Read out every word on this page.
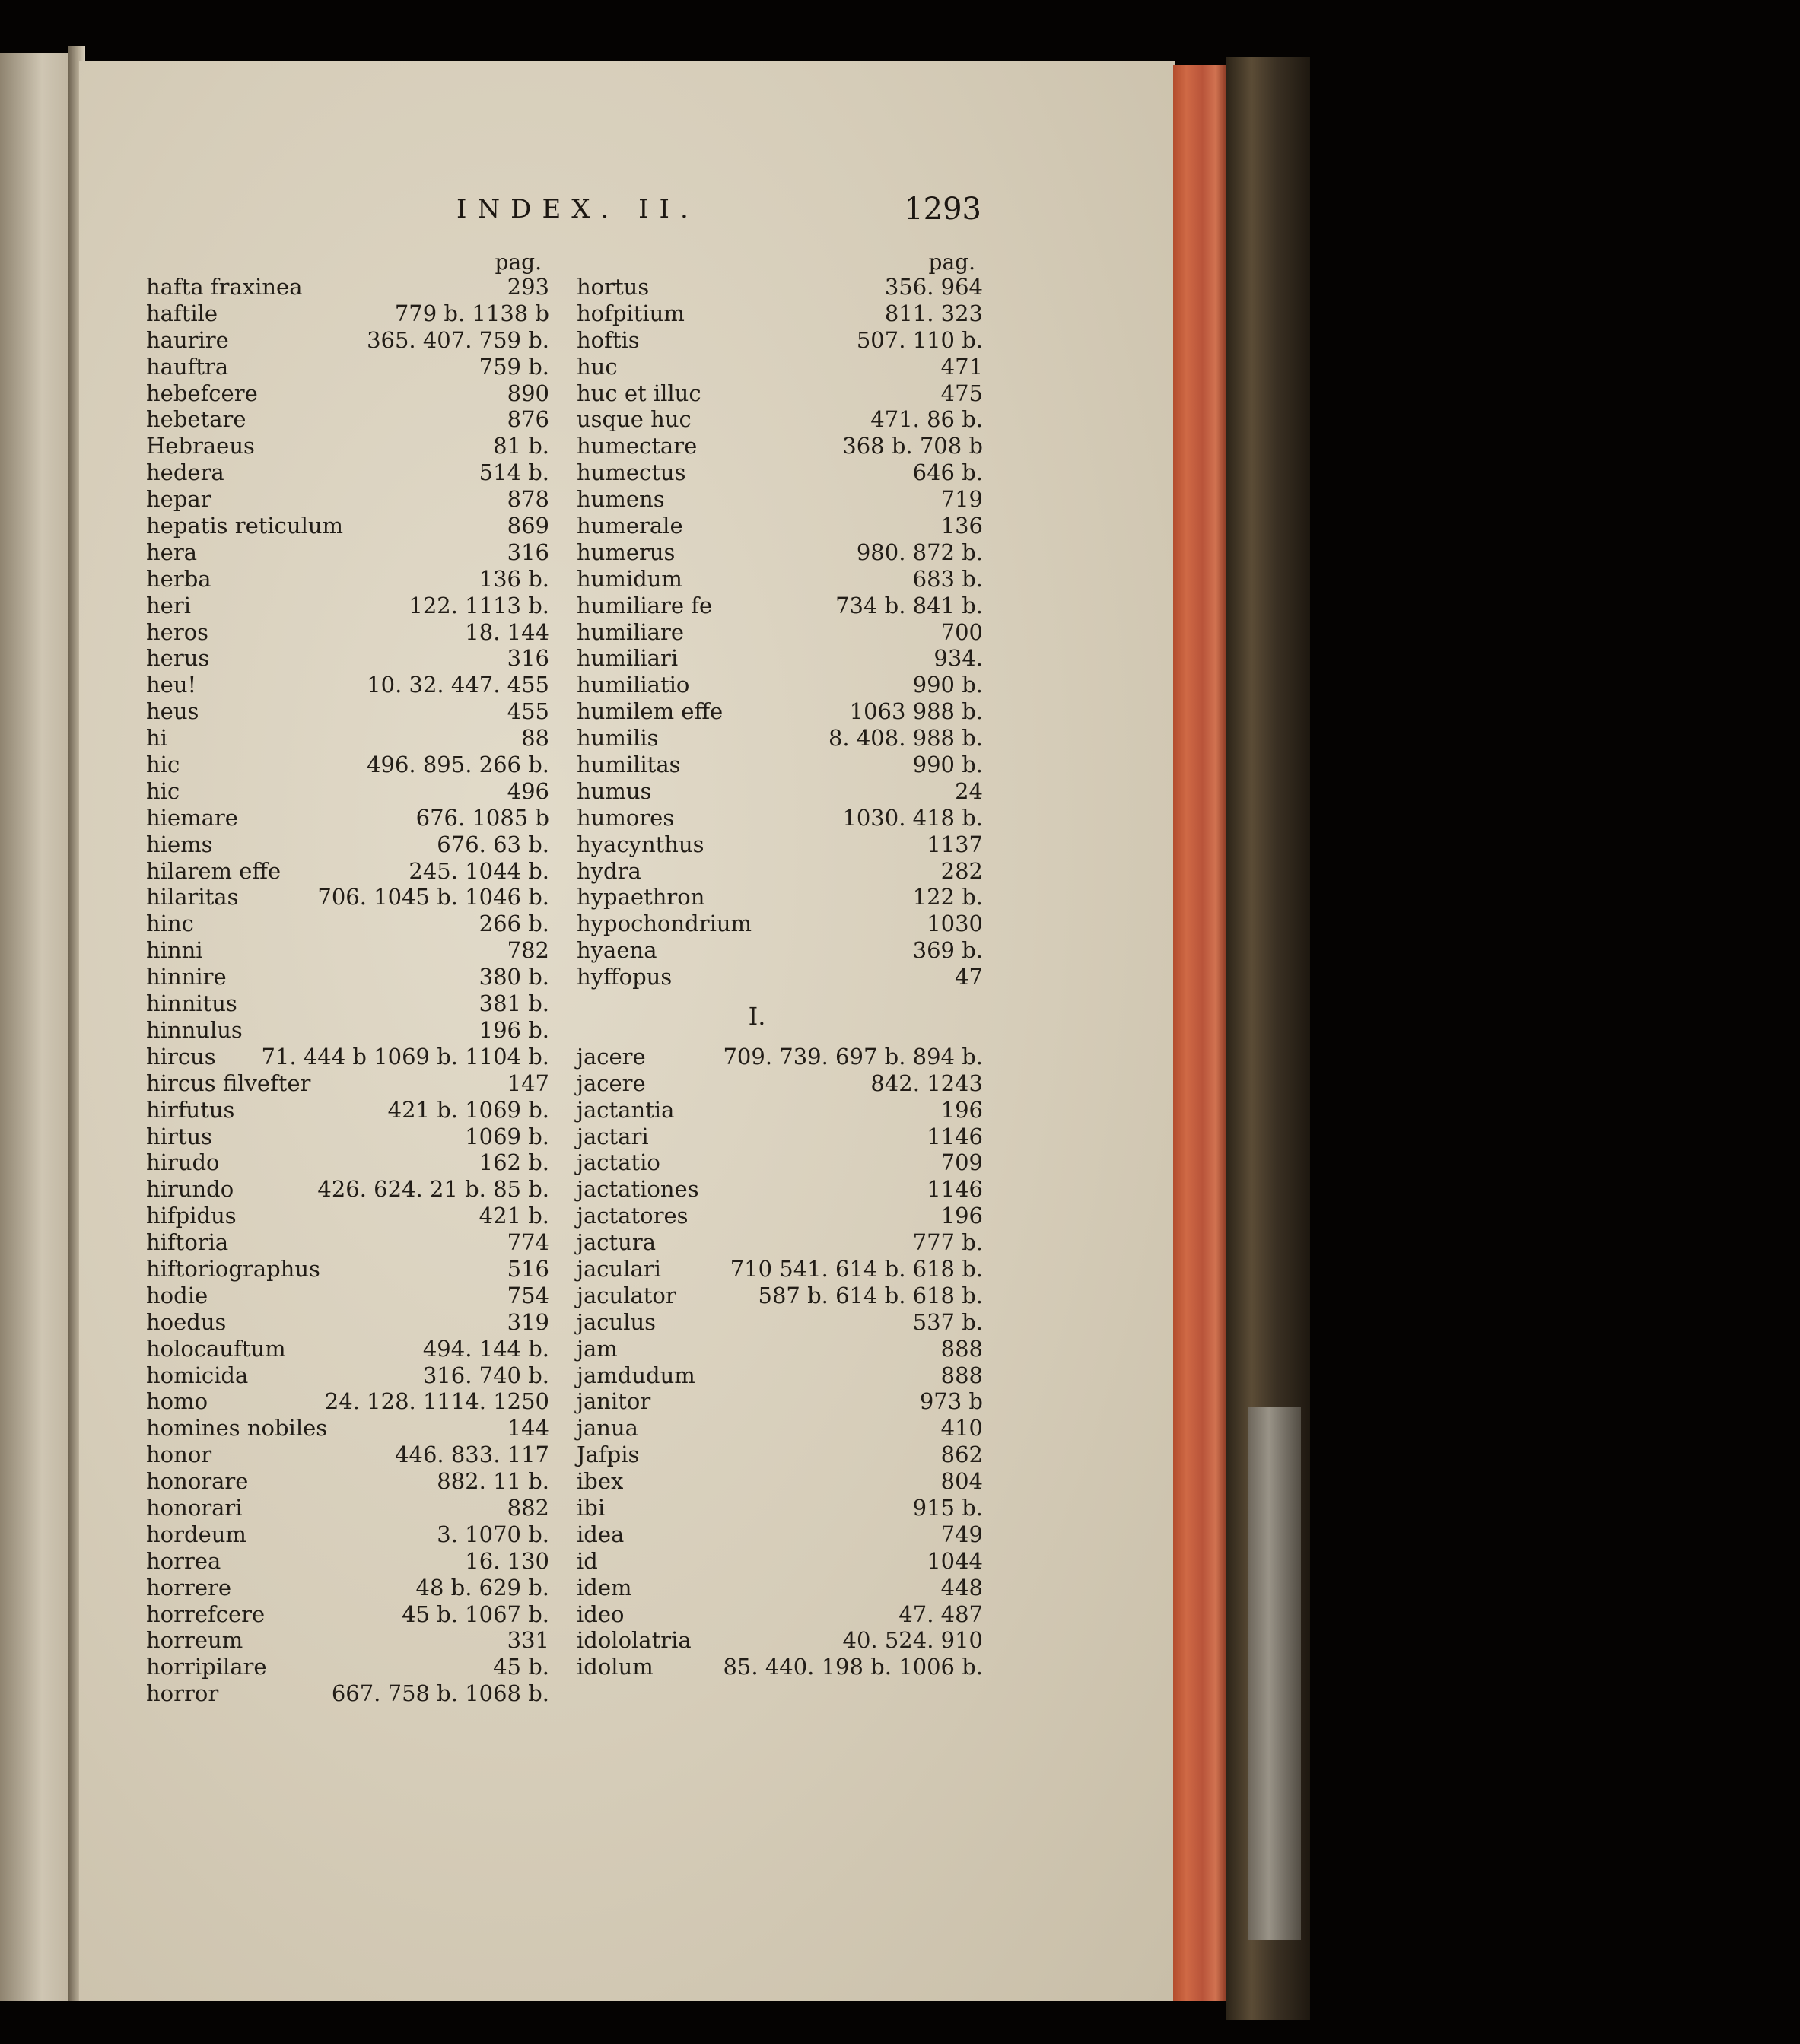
INDEX. II.	1293
pag.
hafta fraxinea	293
haftile	779 b. 1138 b
haurire	365. 407. 759 b.
hauftra	759 b.
hebefcere	890
hebetare	876
Hebraeus	81 b.
hedera	514 b.
hepar	878
hepatis reticulum	869
hera	316
herba	136 b.
heri	122. 1113 b.
heros	18. 144
herus	316
heu!	10. 32. 447. 455
heus	455
hi	88
hic	496. 895. 266 b.
hic	496
hiemare	676. 1085 b
hiems	676. 63 b.
hilarem effe	245. 1044 b.
hilaritas	706. 1045 b. 1046 b.
hinc	266 b.
hinni	782
hinnire	380 b.
hinnitus	381 b.
hinnulus	196 b.
hircus 71. 444 b 1069 b. 1104 b.
hircus filvefter	147
hirfutus	421 b. 1069 b.
hirtus	1069 b.
hirudo	162 b.
hirundo	426. 624. 21 b. 85 b.
hifpidus	421 b.
hiftoria	774
hiftoriographus	516
hodie	754
hoedus	319
holocauftum	494. 144 b.
homicida	316. 740 b.
homo	24. 128. 1114. 1250
homines nobiles	144
honor	446. 833. 117
honorare	882. 11 b.
honorari	882
hordeum	3. 1070 b.
horrea	16. 130
horrere	48 b. 629 b.
horrefcere	45 b. 1067 b.
horreum	331
horripilare	45 b.
horror	667. 758 b. 1068 b.
pag.
hortus	356. 964
hofpitium	811. 323
hoftis	507. 110 b.
huc	471
huc et illuc	475
usque huc	471. 86 b.
humectare	368 b. 708 b
humectus	646 b.
humens	719
humerale	136
humerus	980. 872 b.
humidum	683 b.
humiliare fe	734 b. 841 b.
humiliare	700
humiliari	934.
humiliatio	990 b.
humilem effe	1063 988 b.
humilis	8. 408. 988 b.
humilitas	990 b.
humus	24
humores	1030. 418 b.
hyacynthus	1137
hydra	282
hypaethron	122 b.
hypochondrium	1030
hyaena	369 b.
hyffopus	47
I.
jacere	709. 739. 697 b. 894 b.
jacere	842. 1243
jactantia	196
jactari	1146
jactatio	709
jactationes	1146
jactatores	196
jactura	777 b.
jaculari	710 541. 614 b. 618 b.
jaculator	587 b. 614 b. 618 b.
jaculus	537 b.
jam	888
jamdudum	888
janitor	973 b
janua	410
Jafpis	862
ibex	804
ibi	915 b.
idea	749
id	1044
idem	448
ideo	47. 487
idololatria	40. 524. 910
idolum	85. 440. 198 b. 1006 b.
